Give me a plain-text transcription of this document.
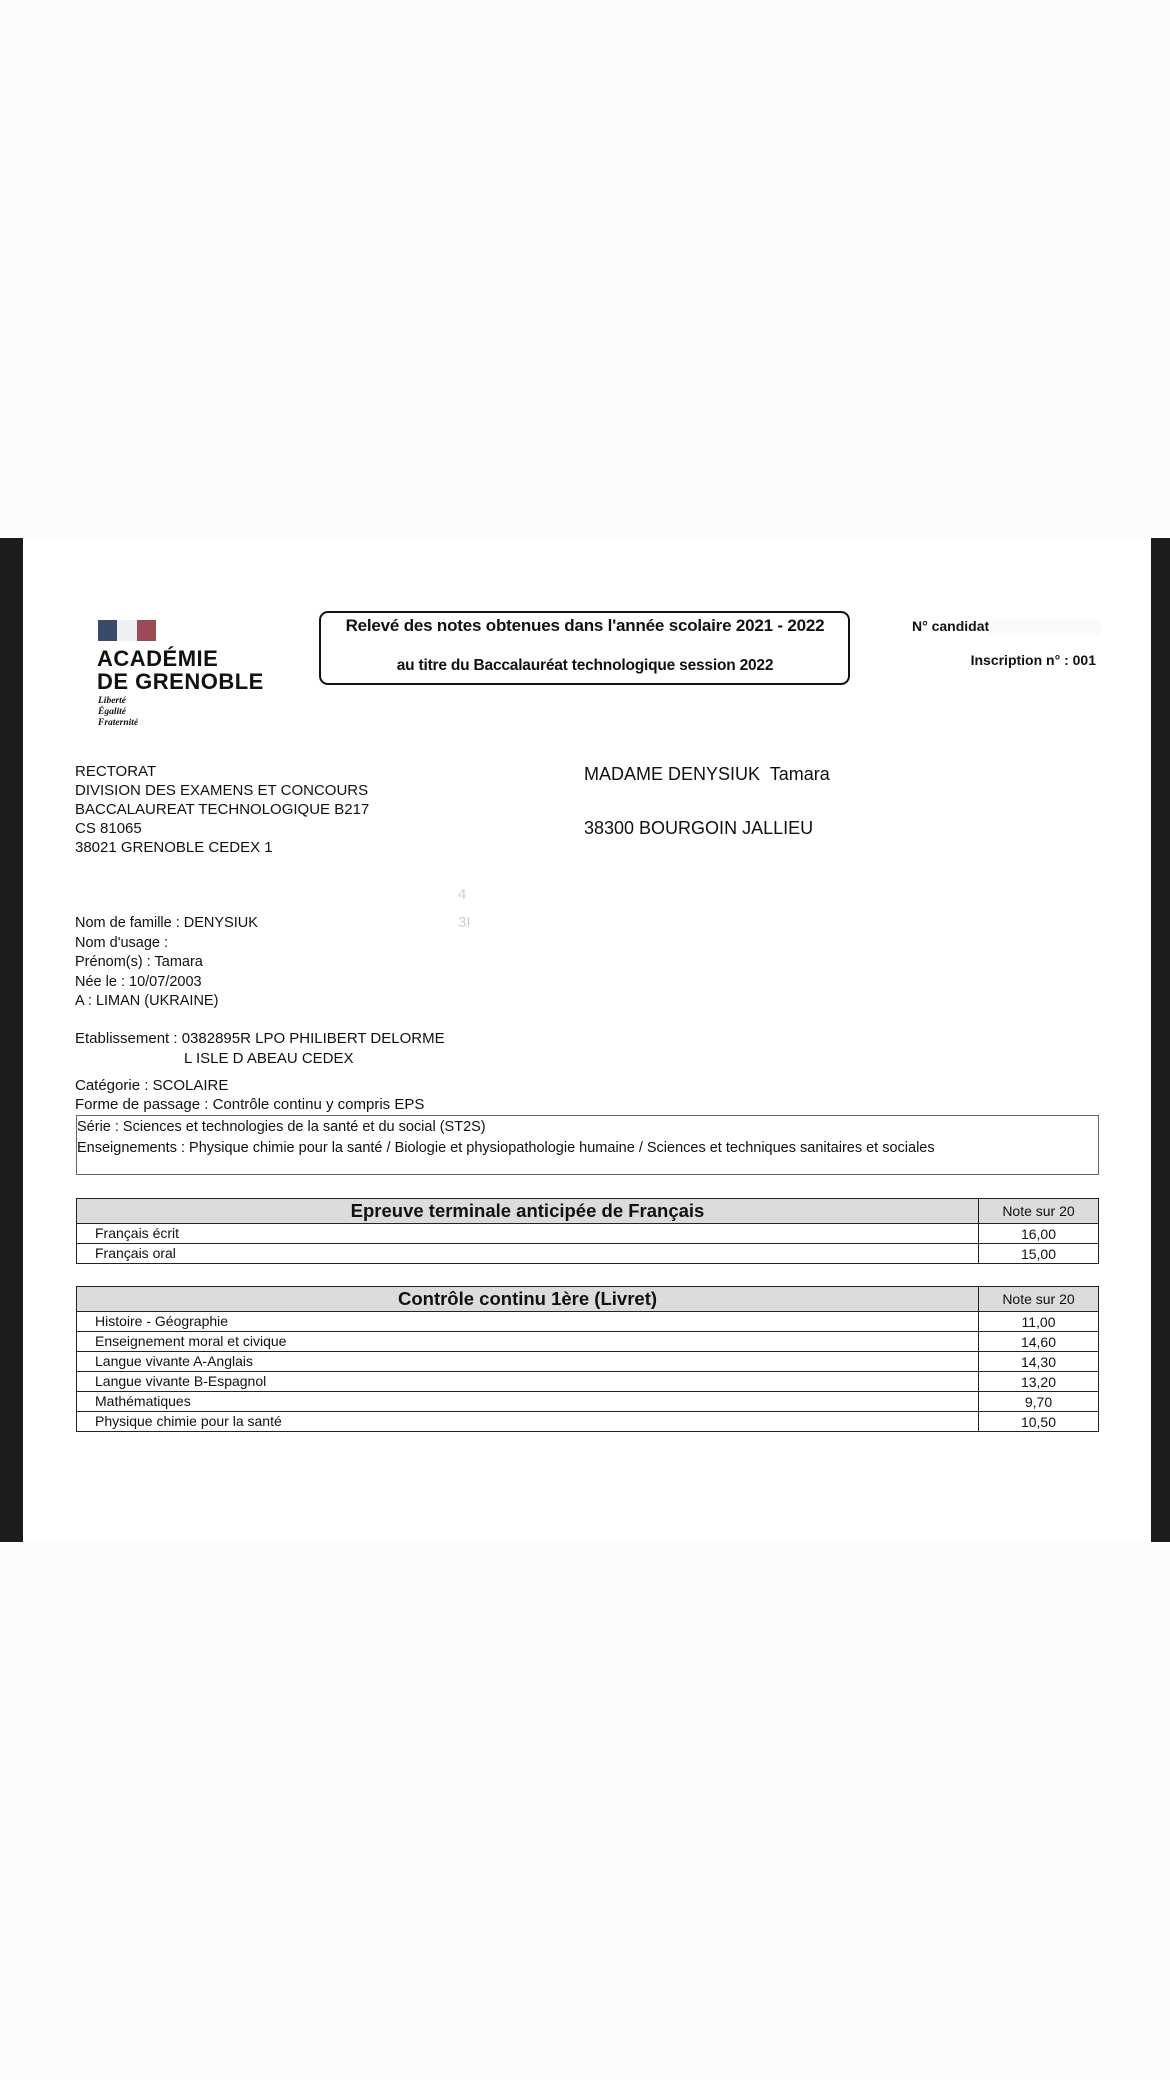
ACADÉMIE
DE GRENOBLE
Liberté
Égalité
Fraternité
Relevé des notes obtenues dans l'année scolaire 2021 - 2022
au titre du Baccalauréat technologique session 2022
N° candidat
Inscription n° : 001
RECTORAT
DIVISION DES EXAMENS ET CONCOURS
BACCALAUREAT TECHNOLOGIQUE B217
CS 81065
38021 GRENOBLE CEDEX 1
MADAME DENYSIUK  Tamara
38300 BOURGOIN JALLIEU
4
3I
Nom de famille : DENYSIUK
Nom d'usage :
Prénom(s) : Tamara
Née le : 10/07/2003
A : LIMAN (UKRAINE)
Etablissement : 0382895R LPO PHILIBERT DELORME
L ISLE D ABEAU CEDEX
Catégorie : SCOLAIRE
Forme de passage : Contrôle continu y compris EPS
Série : Sciences et technologies de la santé et du social (ST2S)
Enseignements : Physique chimie pour la santé / Biologie et physiopathologie humaine / Sciences et techniques sanitaires et sociales
Epreuve terminale anticipée de Français	Note sur 20
Français écrit	16,00
Français oral	15,00
Contrôle continu 1ère (Livret)	Note sur 20
Histoire - Géographie	11,00
Enseignement moral et civique	14,60
Langue vivante A-Anglais	14,30
Langue vivante B-Espagnol	13,20
Mathématiques	9,70
Physique chimie pour la santé	10,50
